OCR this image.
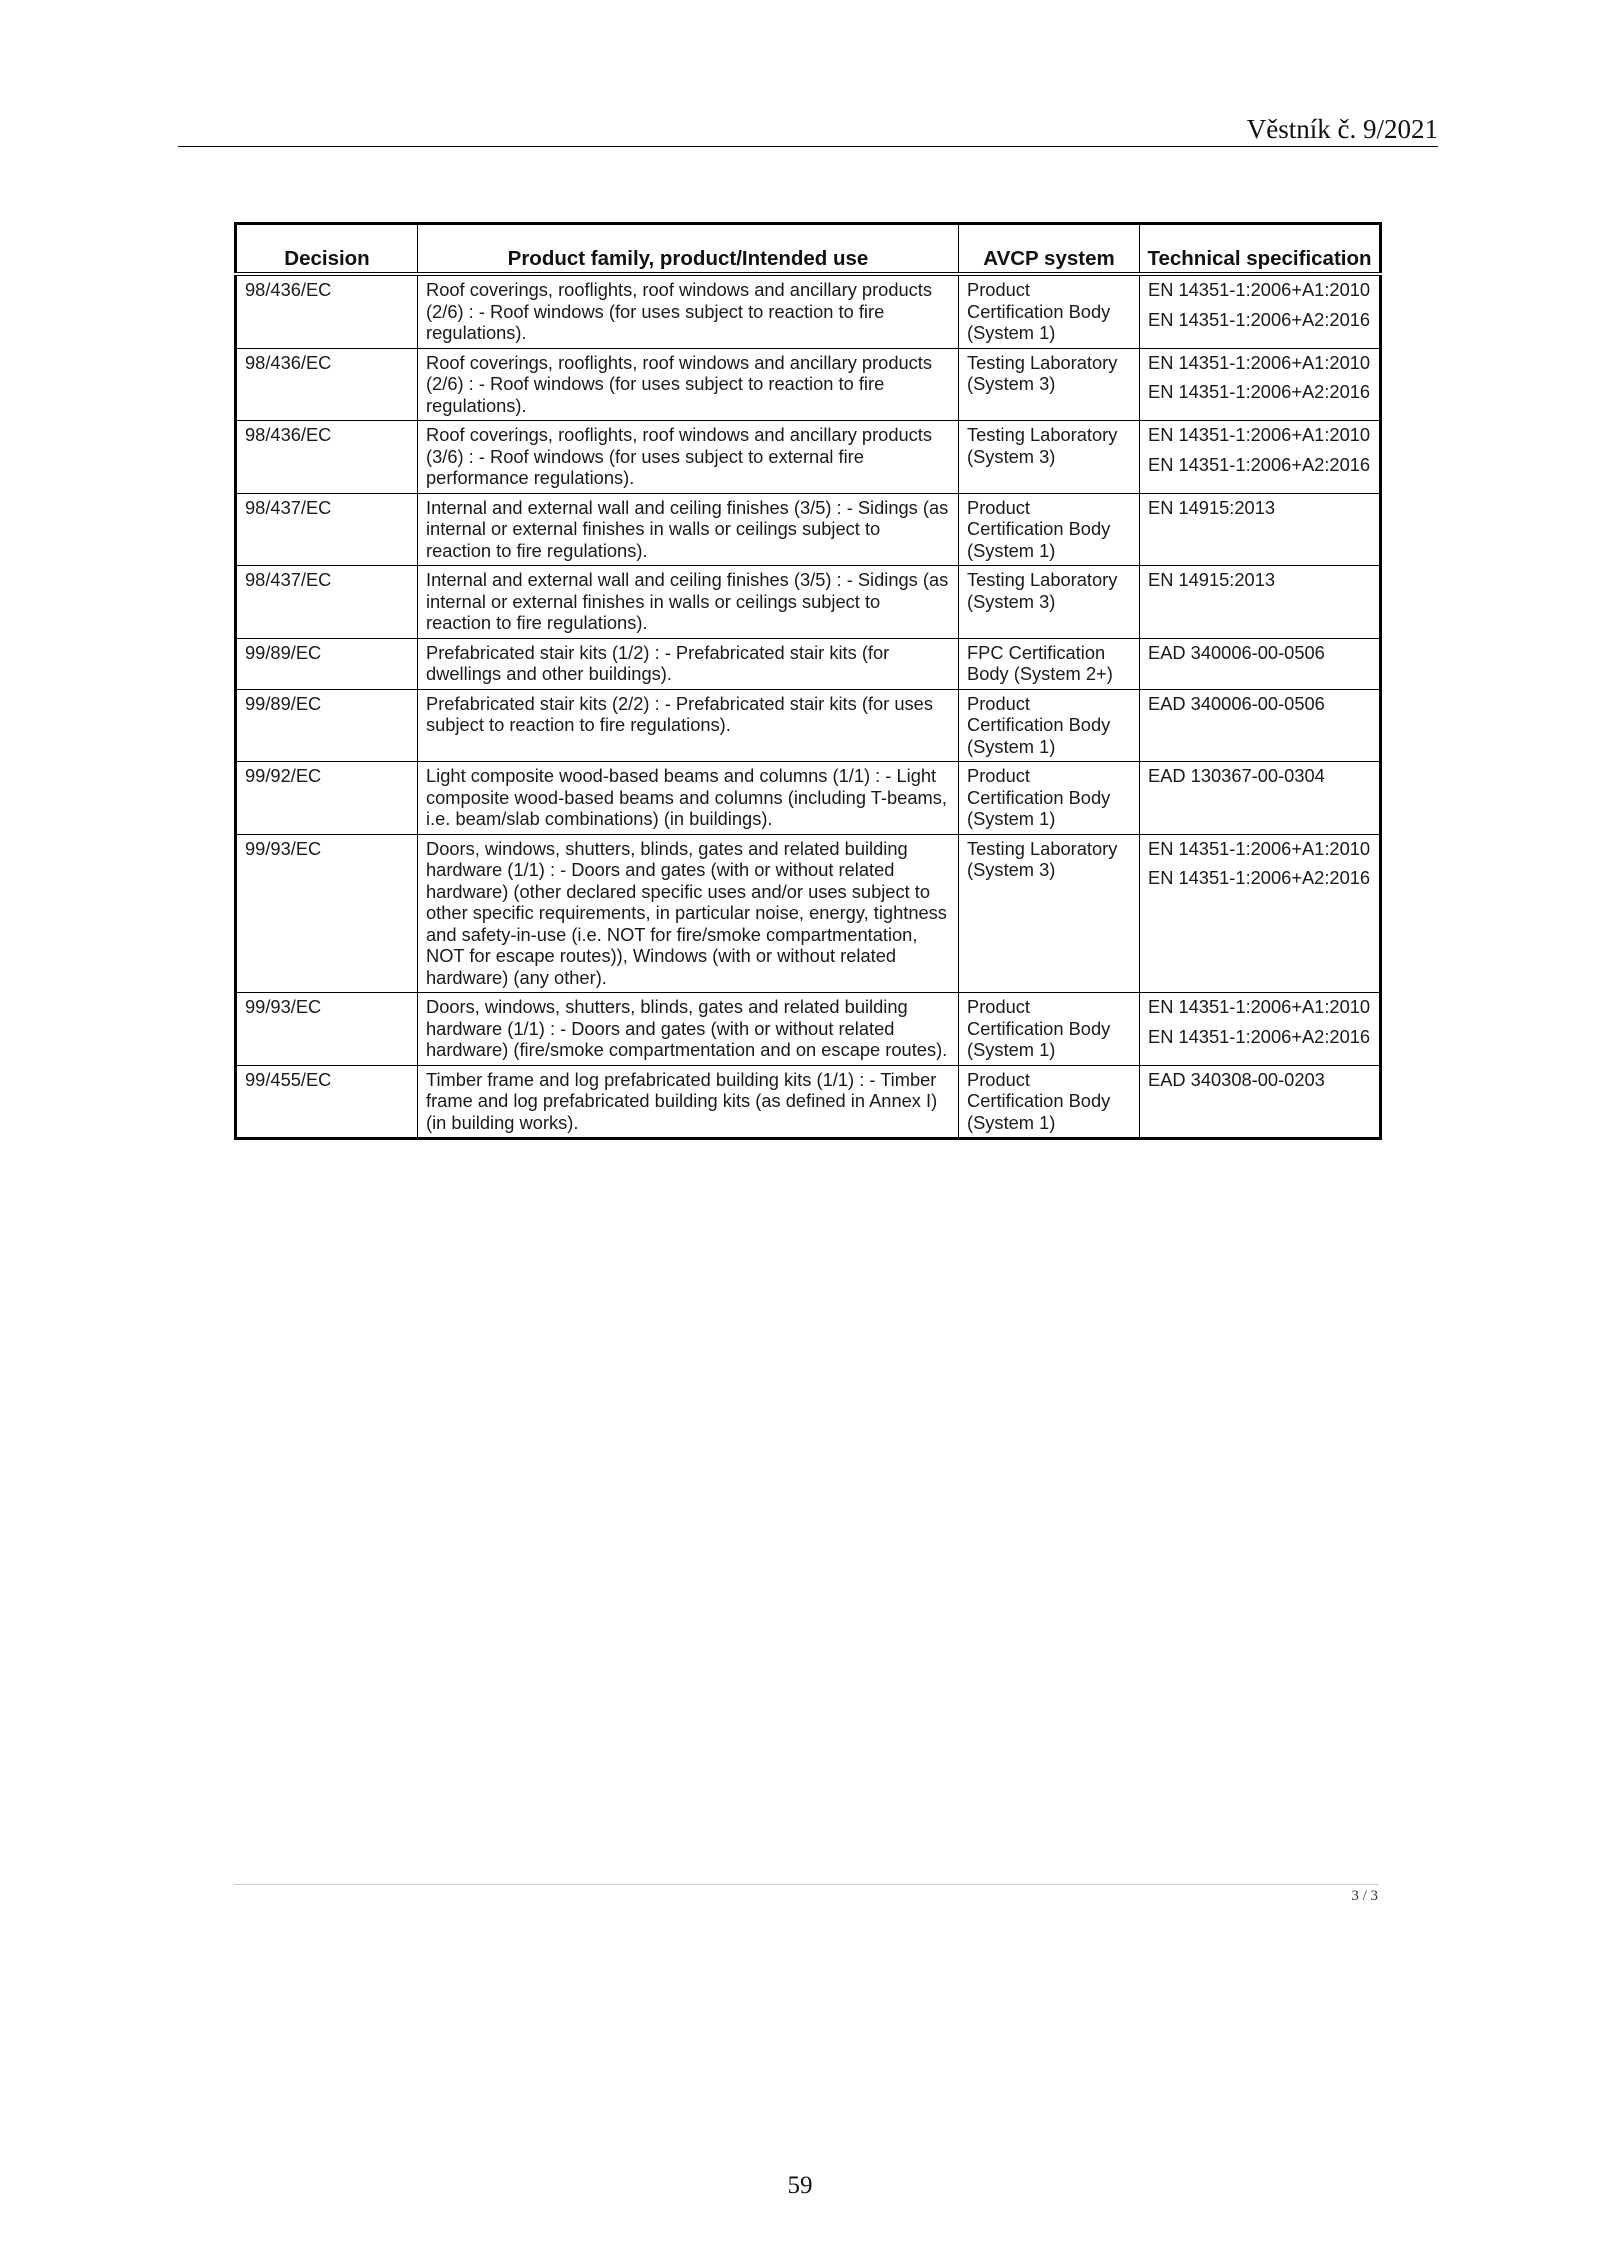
Věstník č. 9/2021
Decision	Product family, product/Intended use	AVCP system	Technical specification
98/436/EC	Roof coverings, rooflights, roof windows and ancillary products (2/6) : - Roof windows (for uses subject to reaction to fire regulations).	Product Certification Body (System 1)	EN 14351-1:2006+A1:2010
EN 14351-1:2006+A2:2016

98/436/EC	Roof coverings, rooflights, roof windows and ancillary products (2/6) : - Roof windows (for uses subject to reaction to fire regulations).	Testing Laboratory (System 3)	EN 14351-1:2006+A1:2010
EN 14351-1:2006+A2:2016

98/436/EC	Roof coverings, rooflights, roof windows and ancillary products (3/6) : - Roof windows (for uses subject to external fire performance regulations).	Testing Laboratory (System 3)	EN 14351-1:2006+A1:2010
EN 14351-1:2006+A2:2016

98/437/EC	Internal and external wall and ceiling finishes (3/5) : - Sidings (as internal or external finishes in walls or ceilings subject to reaction to fire regulations).	Product Certification Body (System 1)	EN 14915:2013

98/437/EC	Internal and external wall and ceiling finishes (3/5) : - Sidings (as internal or external finishes in walls or ceilings subject to reaction to fire regulations).	Testing Laboratory (System 3)	EN 14915:2013

99/89/EC	Prefabricated stair kits (1/2) : - Prefabricated stair kits (for dwellings and other buildings).	FPC Certification Body (System 2+)	EAD 340006-00-0506

99/89/EC	Prefabricated stair kits (2/2) : - Prefabricated stair kits (for uses subject to reaction to fire regulations).	Product Certification Body (System 1)	EAD 340006-00-0506

99/92/EC	Light composite wood-based beams and columns (1/1) : - Light composite wood-based beams and columns (including T-beams, i.e. beam/slab combinations) (in buildings).	Product Certification Body (System 1)	EAD 130367-00-0304

99/93/EC	Doors, windows, shutters, blinds, gates and related building hardware (1/1) : - Doors and gates (with or without related hardware) (other declared specific uses and/or uses subject to other specific requirements, in particular noise, energy, tightness and safety-in-use (i.e. NOT for fire/smoke compartmentation, NOT for escape routes)), Windows (with or without related hardware) (any other).	Testing Laboratory (System 3)	EN 14351-1:2006+A1:2010
EN 14351-1:2006+A2:2016

99/93/EC	Doors, windows, shutters, blinds, gates and related building hardware (1/1) : - Doors and gates (with or without related hardware) (fire/smoke compartmentation and on escape routes).	Product Certification Body (System 1)	EN 14351-1:2006+A1:2010
EN 14351-1:2006+A2:2016

99/455/EC	Timber frame and log prefabricated building kits (1/1) : - Timber frame and log prefabricated building kits (as defined in Annex I) (in building works).	Product Certification Body (System 1)	EAD 340308-00-0203
3 / 3
59
